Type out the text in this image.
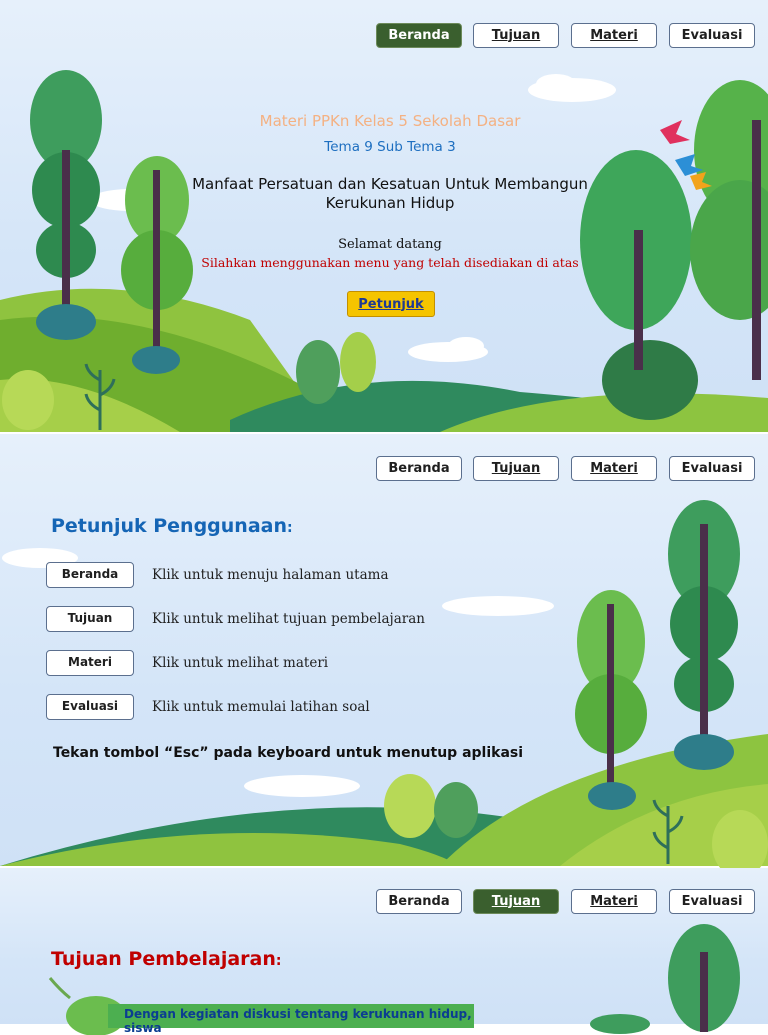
Beranda	Tujuan	Materi	Evaluasi
Materi PPKn Kelas 5 Sekolah Dasar
Tema 9 Sub Tema 3
Manfaat Persatuan dan Kesatuan Untuk Membangun
Kerukunan Hidup
Selamat datang
Silahkan menggunakan menu yang telah disediakan di atas
Petunjuk
Beranda	Tujuan	Materi	Evaluasi
Petunjuk Penggunaan:
Beranda	Klik untuk menuju halaman utama
Tujuan	Klik untuk melihat tujuan pembelajaran
Materi	Klik untuk melihat materi
Evaluasi	Klik untuk memulai latihan soal
Tekan tombol “Esc” pada keyboard untuk menutup aplikasi
Beranda	Tujuan	Materi	Evaluasi
Tujuan Pembelajaran:
Dengan kegiatan diskusi tentang kerukunan hidup, siswa
